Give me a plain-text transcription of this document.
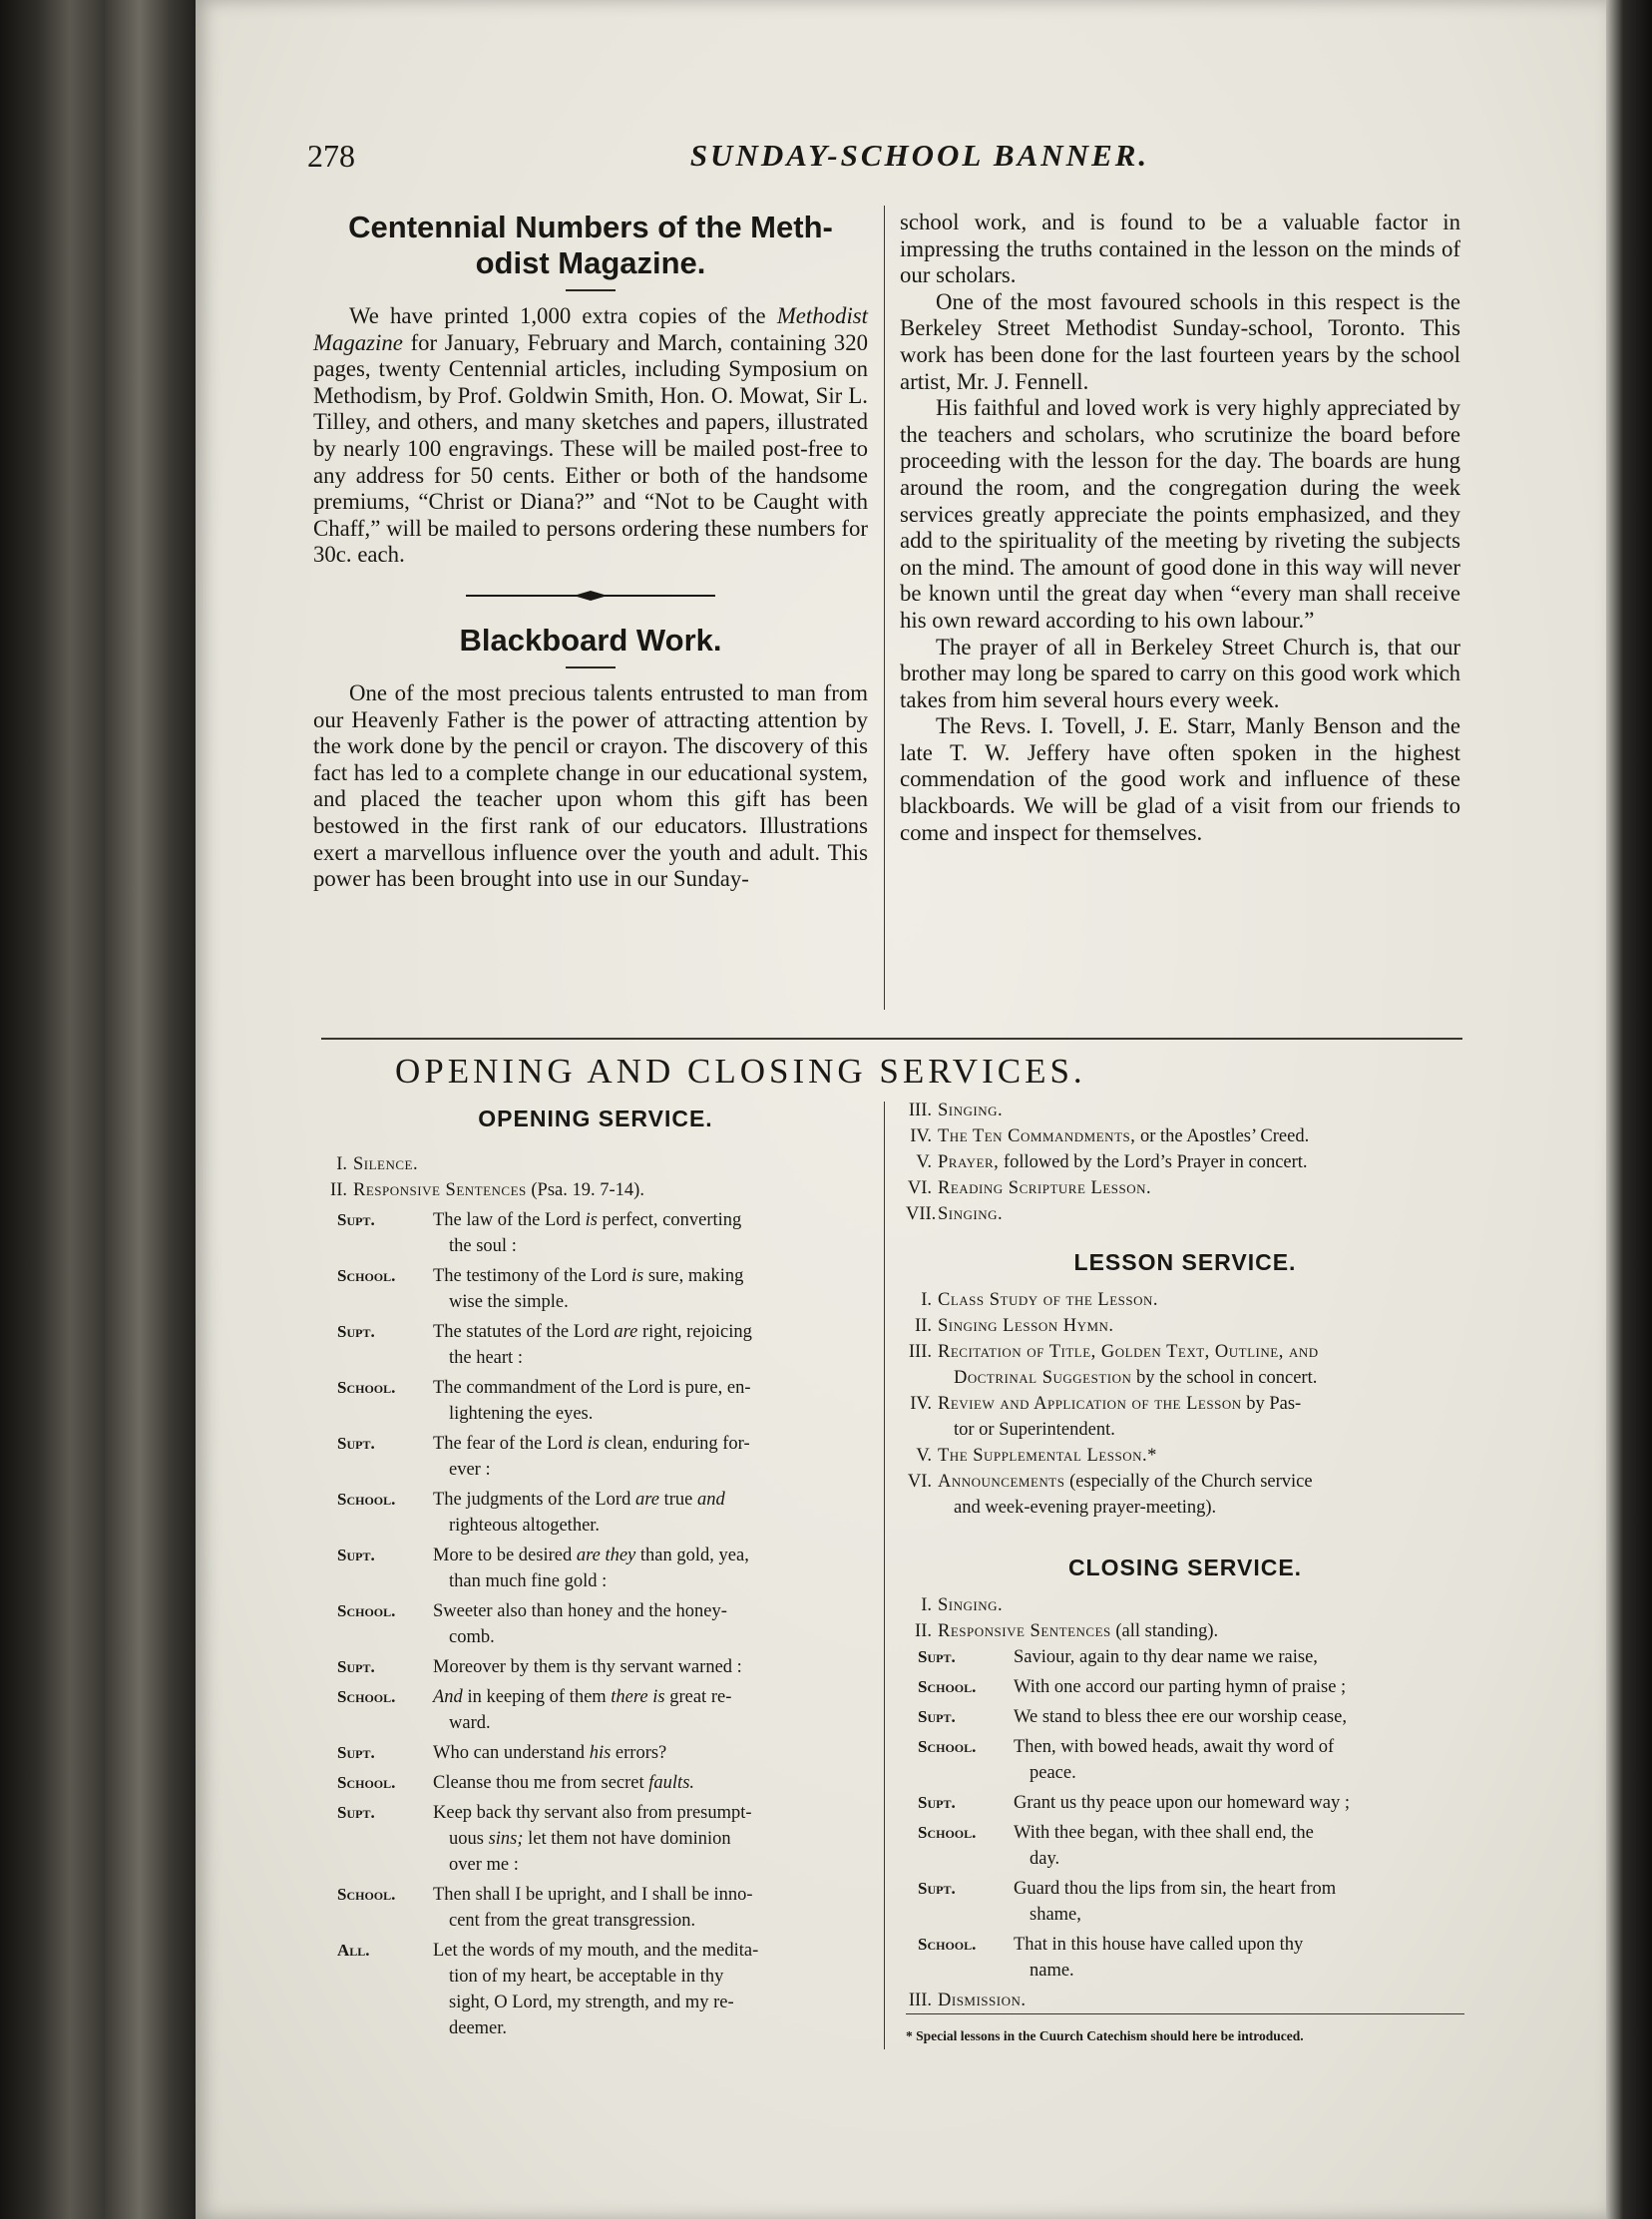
278	SUNDAY-SCHOOL BANNER.
Centennial Numbers of the Meth-
odist Magazine.

We have printed 1,000 extra copies of the Methodist Magazine for January, February and March, containing 320 pages, twenty Centennial articles, including Symposium on Methodism, by Prof. Goldwin Smith, Hon. O. Mowat, Sir L. Tilley, and others, and many sketches and papers, illustrated by nearly 100 engravings. These will be mailed post-free to any address for 50 cents. Either or both of the handsome premiums, “Christ or Diana?” and “Not to be Caught with Chaff,” will be mailed to persons ordering these numbers for 30c. each.

Blackboard Work.

One of the most precious talents entrusted to man from our Heavenly Father is the power of attracting attention by the work done by the pencil or crayon. The discovery of this fact has led to a complete change in our educational system, and placed the teacher upon whom this gift has been bestowed in the first rank of our educators. Illustrations exert a marvellous influence over the youth and adult. This power has been brought into use in our Sunday-

school work, and is found to be a valuable factor in impressing the truths contained in the lesson on the minds of our scholars.

One of the most favoured schools in this respect is the Berkeley Street Methodist Sunday-school, Toronto. This work has been done for the last fourteen years by the school artist, Mr. J. Fennell.

His faithful and loved work is very highly appreciated by the teachers and scholars, who scrutinize the board before proceeding with the lesson for the day. The boards are hung around the room, and the congregation during the week services greatly appreciate the points emphasized, and they add to the spirituality of the meeting by riveting the subjects on the mind. The amount of good done in this way will never be known until the great day when “every man shall receive his own reward according to his own labour.”

The prayer of all in Berkeley Street Church is, that our brother may long be spared to carry on this good work which takes from him several hours every week.

The Revs. I. Tovell, J. E. Starr, Manly Benson and the late T. W. Jeffery have often spoken in the highest commendation of the good work and influence of these blackboards. We will be glad of a visit from our friends to come and inspect for themselves.

OPENING AND CLOSING SERVICES.
OPENING SERVICE.

I. Silence.

II. Responsive Sentences (Psa. 19. 7-14).

Supt.	The law of the Lord is perfect, converting
the soul :
School.	The testimony of the Lord is sure, making
wise the simple.
Supt.	The statutes of the Lord are right, rejoicing
the heart :
School.	The commandment of the Lord is pure, en-
lightening the eyes.
Supt.	The fear of the Lord is clean, enduring for-
ever :
School.	The judgments of the Lord are true and
righteous altogether.
Supt.	More to be desired are they than gold, yea,
than much fine gold :
School.	Sweeter also than honey and the honey-
comb.
Supt.	Moreover by them is thy servant warned :
School.	And in keeping of them there is great re-
ward.
Supt.	Who can understand his errors?
School.	Cleanse thou me from secret faults.
Supt.	Keep back thy servant also from presumpt-
uous sins; let them not have dominion
over me :
School.	Then shall I be upright, and I shall be inno-
cent from the great transgression.
All.	Let the words of my mouth, and the medita-
tion of my heart, be acceptable in thy
sight, O Lord, my strength, and my re-
deemer.

III. Singing.

IV. The Ten Commandments, or the Apostles’ Creed.

V. Prayer, followed by the Lord’s Prayer in concert.

VI. Reading Scripture Lesson.

VII.Singing.

LESSON SERVICE.

I. Class Study of the Lesson.

II. Singing Lesson Hymn.

III. Recitation of Title, Golden Text, Outline, and

Doctrinal Suggestion by the school in concert.

IV. Review and Application of the Lesson by Pas-

tor or Superintendent.

V. The Supplemental Lesson.*

VI. Announcements (especially of the Church service

and week-evening prayer-meeting).

CLOSING SERVICE.

I. Singing.

II. Responsive Sentences (all standing).

Supt.	Saviour, again to thy dear name we raise,
School.	With one accord our parting hymn of praise ;
Supt.	We stand to bless thee ere our worship cease,
School.	Then, with bowed heads, await thy word of
peace.
Supt.	Grant us thy peace upon our homeward way ;
School.	With thee began, with thee shall end, the
day.
Supt.	Guard thou the lips from sin, the heart from
shame,
School.	That in this house have called upon thy
name.

III. Dismission.

* Special lessons in the Cuurch Catechism should here be introduced.
